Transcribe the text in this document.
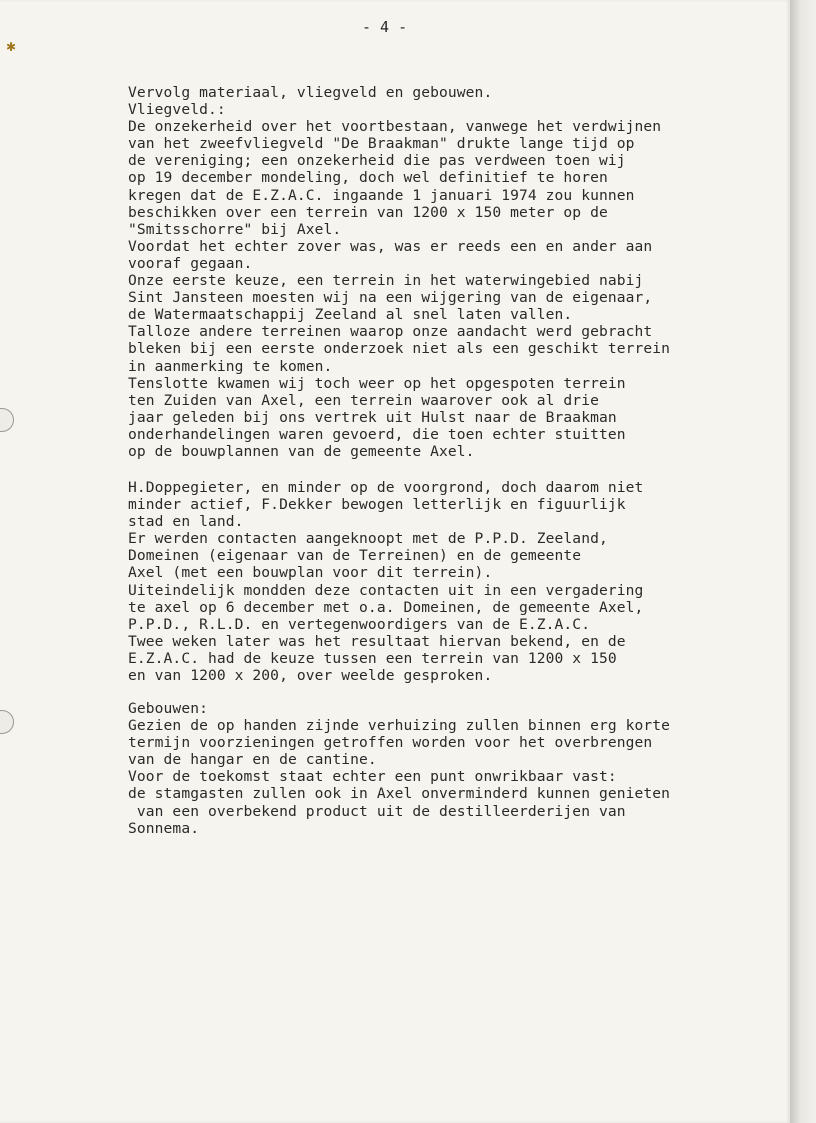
✱
- 4 -
Vervolg materiaal, vliegveld en gebouwen.
Vliegveld.:
De onzekerheid over het voortbestaan, vanwege het verdwijnen
van het zweefvliegveld "De Braakman" drukte lange tijd op
de vereniging; een onzekerheid die pas verdween toen wij
op 19 december mondeling, doch wel definitief te horen
kregen dat de E.Z.A.C. ingaande 1 januari 1974 zou kunnen
beschikken over een terrein van 1200 x 150 meter op de
"Smitsschorre" bij Axel.
Voordat het echter zover was, was er reeds een en ander aan
vooraf gegaan.
Onze eerste keuze, een terrein in het waterwingebied nabij
Sint Jansteen moesten wij na een wijgering van de eigenaar,
de Watermaatschappij Zeeland al snel laten vallen.
Talloze andere terreinen waarop onze aandacht werd gebracht
bleken bij een eerste onderzoek niet als een geschikt terrein
in aanmerking te komen.
Tenslotte kwamen wij toch weer op het opgespoten terrein
ten Zuiden van Axel, een terrein waarover ook al drie
jaar geleden bij ons vertrek uit Hulst naar de Braakman
onderhandelingen waren gevoerd, die toen echter stuitten
op de bouwplannen van de gemeente Axel.
H.Doppegieter, en minder op de voorgrond, doch daarom niet
minder actief, F.Dekker bewogen letterlijk en figuurlijk
stad en land.
Er werden contacten aangeknoopt met de P.P.D. Zeeland,
Domeinen (eigenaar van de Terreinen) en de gemeente
Axel (met een bouwplan voor dit terrein).
Uiteindelijk mondden deze contacten uit in een vergadering
te axel op 6 december met o.a. Domeinen, de gemeente Axel,
P.P.D., R.L.D. en vertegenwoordigers van de E.Z.A.C.
Twee weken later was het resultaat hiervan bekend, en de
E.Z.A.C. had de keuze tussen een terrein van 1200 x 150
en van 1200 x 200, over weelde gesproken.
Gebouwen:
Gezien de op handen zijnde verhuizing zullen binnen erg korte
termijn voorzieningen getroffen worden voor het overbrengen
van de hangar en de cantine.
Voor de toekomst staat echter een punt onwrikbaar vast:
de stamgasten zullen ook in Axel onverminderd kunnen genieten
van een overbekend product uit de destilleerderijen van
Sonnema.
